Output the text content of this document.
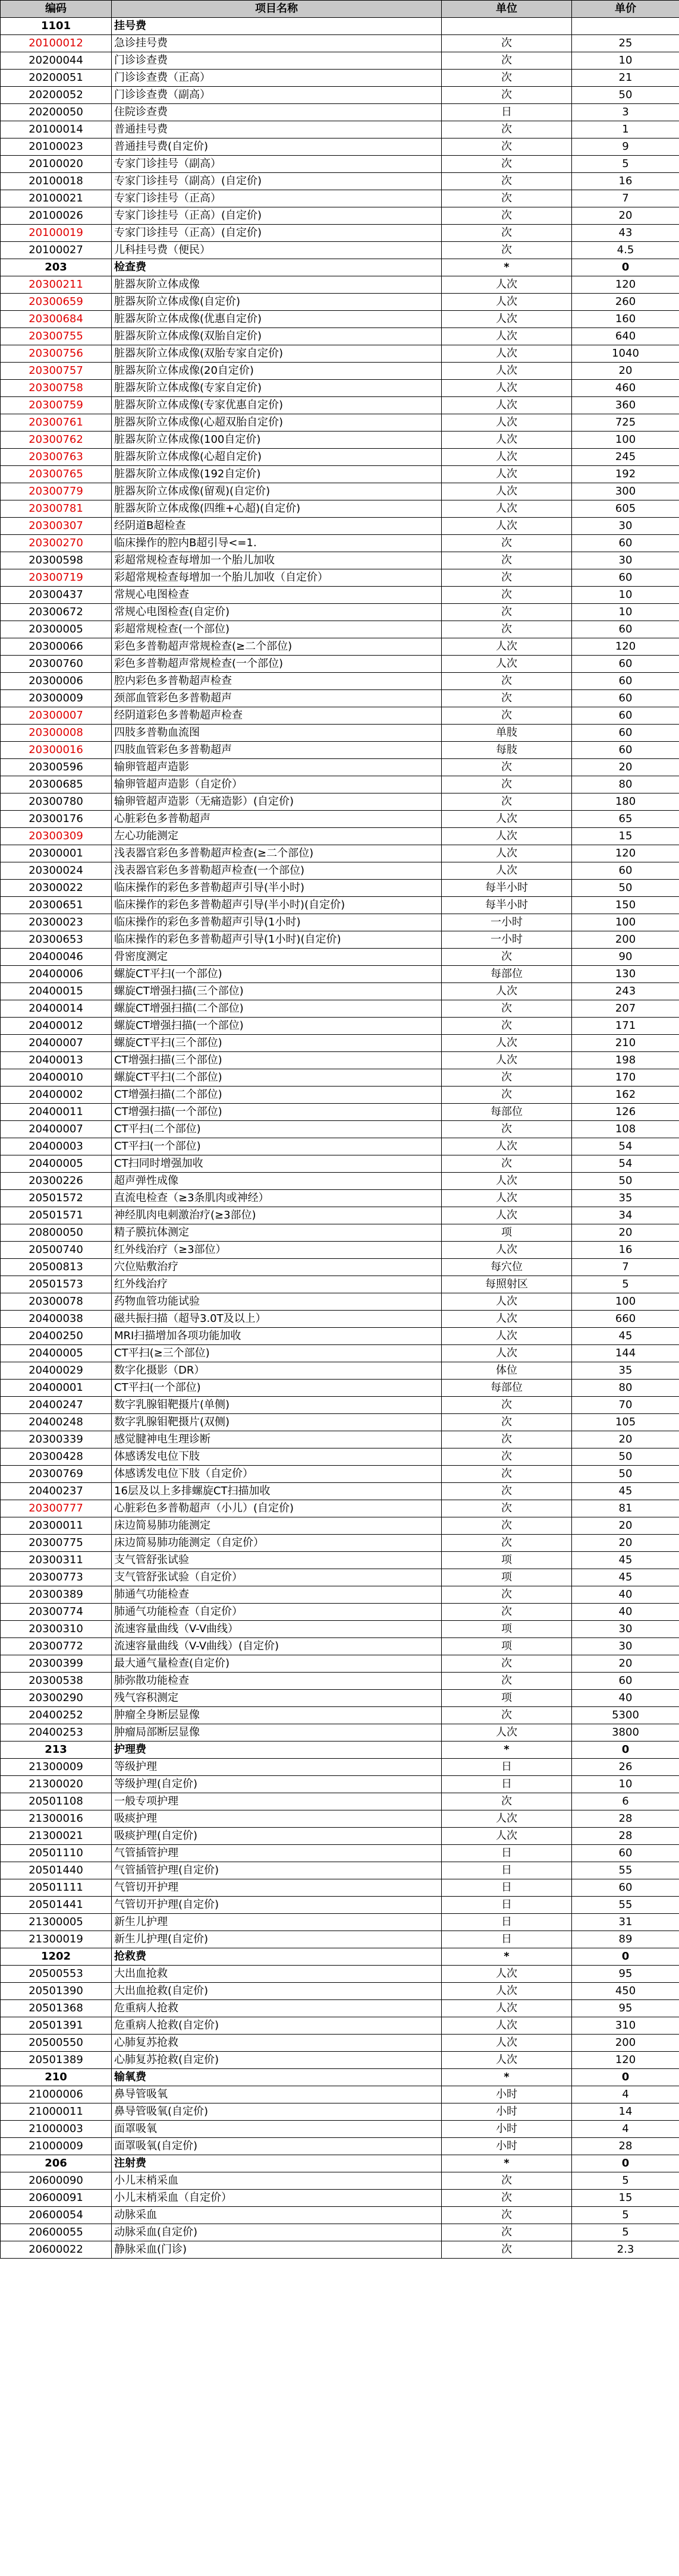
编码	项目名称	单位	单价
1101	挂号费		
20100012	急诊挂号费	次	25
20200044	门诊诊查费	次	10
20200051	门诊诊查费（正高）	次	21
20200052	门诊诊查费（副高）	次	50
20200050	住院诊查费	日	3
20100014	普通挂号费	次	1
20100023	普通挂号费(自定价)	次	9
20100020	专家门诊挂号（副高）	次	5
20100018	专家门诊挂号（副高）(自定价)	次	16
20100021	专家门诊挂号（正高）	次	7
20100026	专家门诊挂号（正高）(自定价)	次	20
20100019	专家门诊挂号（正高）(自定价)	次	43
20100027	儿科挂号费（便民）	次	4.5
203	检查费	*	0
20300211	脏器灰阶立体成像	人次	120
20300659	脏器灰阶立体成像(自定价)	人次	260
20300684	脏器灰阶立体成像(优惠自定价)	人次	160
20300755	脏器灰阶立体成像(双胎自定价)	人次	640
20300756	脏器灰阶立体成像(双胎专家自定价)	人次	1040
20300757	脏器灰阶立体成像(20自定价)	人次	20
20300758	脏器灰阶立体成像(专家自定价)	人次	460
20300759	脏器灰阶立体成像(专家优惠自定价)	人次	360
20300761	脏器灰阶立体成像(心超双胎自定价)	人次	725
20300762	脏器灰阶立体成像(100自定价)	人次	100
20300763	脏器灰阶立体成像(心超自定价)	人次	245
20300765	脏器灰阶立体成像(192自定价)	人次	192
20300779	脏器灰阶立体成像(留观)(自定价)	人次	300
20300781	脏器灰阶立体成像(四维+心超)(自定价)	人次	605
20300307	经阴道B超检查	人次	30
20300270	临床操作的腔内B超引导<=1.	次	60
20300598	彩超常规检查每增加一个胎儿加收	次	30
20300719	彩超常规检查每增加一个胎儿加收（自定价）	次	60
20300437	常规心电图检查	次	10
20300672	常规心电图检查(自定价)	次	10
20300005	彩超常规检查(一个部位)	次	60
20300066	彩色多普勒超声常规检查(≥二个部位)	人次	120
20300760	彩色多普勒超声常规检查(一个部位)	人次	60
20300006	腔内彩色多普勒超声检查	次	60
20300009	颈部血管彩色多普勒超声	次	60
20300007	经阴道彩色多普勒超声检查	次	60
20300008	四肢多普勒血流图	单肢	60
20300016	四肢血管彩色多普勒超声	每肢	60
20300596	输卵管超声造影	次	20
20300685	输卵管超声造影（自定价）	次	80
20300780	输卵管超声造影（无痛造影）(自定价)	次	180
20300176	心脏彩色多普勒超声	人次	65
20300309	左心功能测定	人次	15
20300001	浅表器官彩色多普勒超声检查(≥二个部位)	人次	120
20300024	浅表器官彩色多普勒超声检查(一个部位)	人次	60
20300022	临床操作的彩色多普勒超声引导(半小时)	每半小时	50
20300651	临床操作的彩色多普勒超声引导(半小时)(自定价)	每半小时	150
20300023	临床操作的彩色多普勒超声引导(1小时)	一小时	100
20300653	临床操作的彩色多普勒超声引导(1小时)(自定价)	一小时	200
20400046	骨密度测定	次	90
20400006	螺旋CT平扫(一个部位)	每部位	130
20400015	螺旋CT增强扫描(三个部位)	人次	243
20400014	螺旋CT增强扫描(二个部位)	次	207
20400012	螺旋CT增强扫描(一个部位)	次	171
20400007	螺旋CT平扫(三个部位)	人次	210
20400013	CT增强扫描(三个部位)	人次	198
20400010	螺旋CT平扫(二个部位)	次	170
20400002	CT增强扫描(二个部位)	次	162
20400011	CT增强扫描(一个部位)	每部位	126
20400007	CT平扫(二个部位)	次	108
20400003	CT平扫(一个部位)	人次	54
20400005	CT扫同时增强加收	次	54
20300226	超声弹性成像	人次	50
20501572	直流电检查（≥3条肌肉或神经）	人次	35
20501571	神经肌肉电刺激治疗(≥3部位)	人次	34
20800050	精子膜抗体测定	项	20
20500740	红外线治疗（≥3部位）	人次	16
20500813	穴位贴敷治疗	每穴位	7
20501573	红外线治疗	每照射区	5
20300078	药物血管功能试验	人次	100
20400038	磁共振扫描（超导3.0T及以上）	人次	660
20400250	MRI扫描增加各项功能加收	人次	45
20400005	CT平扫(≥三个部位)	人次	144
20400029	数字化摄影（DR）	体位	35
20400001	CT平扫(一个部位)	每部位	80
20400247	数字乳腺钼靶摄片(单侧)	次	70
20400248	数字乳腺钼靶摄片(双侧)	次	105
20300339	感觉腱神电生理诊断	次	20
20300428	体感诱发电位下肢	次	50
20300769	体感诱发电位下肢（自定价）	次	50
20400237	16层及以上多排螺旋CT扫描加收	次	45
20300777	心脏彩色多普勒超声（小儿）(自定价)	次	81
20300011	床边简易肺功能测定	次	20
20300775	床边简易肺功能测定（自定价）	次	20
20300311	支气管舒张试验	项	45
20300773	支气管舒张试验（自定价）	项	45
20300389	肺通气功能检查	次	40
20300774	肺通气功能检查（自定价）	次	40
20300310	流速容量曲线（V-V曲线）	项	30
20300772	流速容量曲线（V-V曲线）(自定价)	项	30
20300399	最大通气量检查(自定价)	次	20
20300538	肺弥散功能检查	次	60
20300290	残气容积测定	项	40
20400252	肿瘤全身断层显像	次	5300
20400253	肿瘤局部断层显像	人次	3800
213	护理费	*	0
21300009	等级护理	日	26
21300020	等级护理(自定价)	日	10
20501108	一般专项护理	次	6
21300016	吸痰护理	人次	28
21300021	吸痰护理(自定价)	人次	28
20501110	气管插管护理	日	60
20501440	气管插管护理(自定价)	日	55
20501111	气管切开护理	日	60
20501441	气管切开护理(自定价)	日	55
21300005	新生儿护理	日	31
21300019	新生儿护理(自定价)	日	89
1202	抢救费	*	0
20500553	大出血抢救	人次	95
20501390	大出血抢救(自定价)	人次	450
20501368	危重病人抢救	人次	95
20501391	危重病人抢救(自定价)	人次	310
20500550	心肺复苏抢救	人次	200
20501389	心肺复苏抢救(自定价)	人次	120
210	输氧费	*	0
21000006	鼻导管吸氧	小时	4
21000011	鼻导管吸氧(自定价)	小时	14
21000003	面罩吸氧	小时	4
21000009	面罩吸氧(自定价)	小时	28
206	注射费	*	0
20600090	小儿末梢采血	次	5
20600091	小儿末梢采血（自定价）	次	15
20600054	动脉采血	次	5
20600055	动脉采血(自定价)	次	5
20600022	静脉采血(门诊)	次	2.3
